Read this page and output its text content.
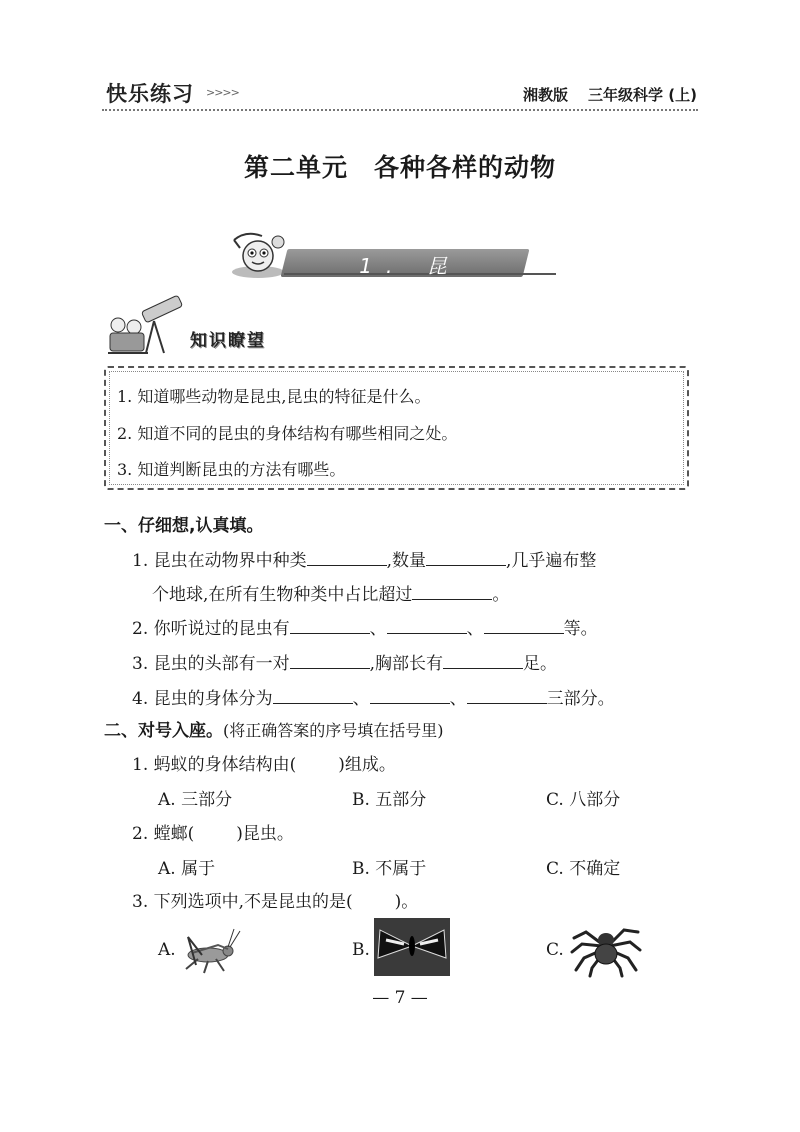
快乐练习 >>>>	湘教版 三年级科学 (上)
第二单元　各种各样的动物
1. 昆　虫
知识瞭望
1. 知道哪些动物是昆虫,昆虫的特征是什么。
2. 知道不同的昆虫的身体结构有哪些相同之处。
3. 知道判断昆虫的方法有哪些。
一、仔细想,认真填。
1. 昆虫在动物界中种类	,数量	,几乎遍布整
个地球,在所有生物种类中占比超过	。
2. 你听说过的昆虫有	、	、	等。
3. 昆虫的头部有一对	,胸部长有	足。
4. 昆虫的身体分为	、	、	三部分。
二、对号入座。(将正确答案的序号填在括号里)
1. 蚂蚁的身体结构由( )组成。
A. 三部分	B. 五部分	C. 八部分
2. 螳螂( )昆虫。
A. 属于	B. 不属于	C. 不确定
3. 下列选项中,不是昆虫的是( )。
A.	B.	C.
— 7 —
